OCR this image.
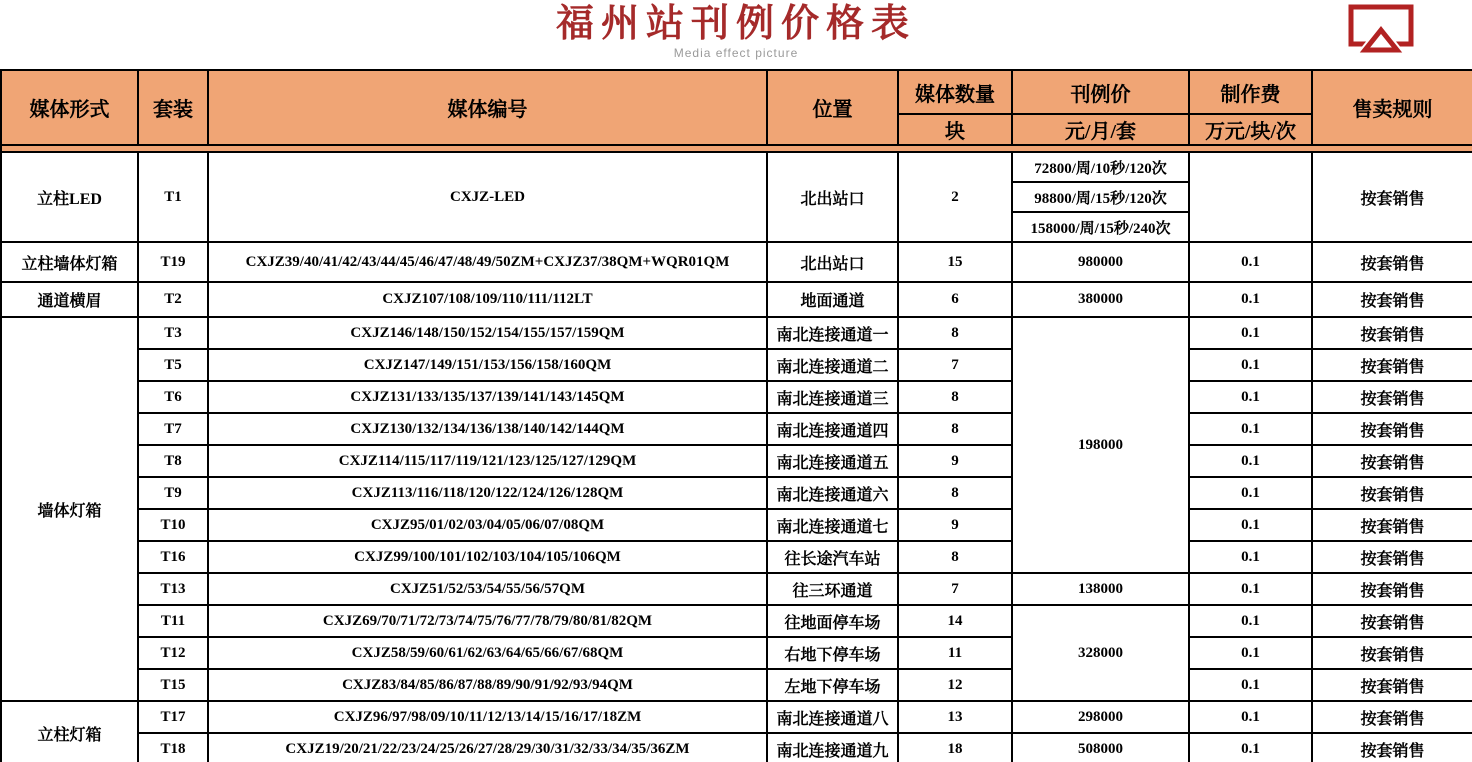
福州站刊例价格表
Media effect picture
媒体形式	套装	媒体编号	位置	媒体数量	刊例价	制作费	售卖规则
				块	元/月/套	万元/块/次	

立柱LED	T1	CXJZ-LED	北出站口	2	72800/周/10秒/120次		按套销售
					98800/周/15秒/120次		
					158000/周/15秒/240次		
立柱墙体灯箱	T19	CXJZ39/40/41/42/43/44/45/46/47/48/49/50ZM+CXJZ37/38QM+WQR01QM	北出站口	15	980000	0.1	按套销售
通道横眉	T2	CXJZ107/108/109/110/111/112LT	地面通道	6	380000	0.1	按套销售
墙体灯箱	T3	CXJZ146/148/150/152/154/155/157/159QM	南北连接通道一	8	198000	0.1	按套销售
	T5	CXJZ147/149/151/153/156/158/160QM	南北连接通道二	7		0.1	按套销售
	T6	CXJZ131/133/135/137/139/141/143/145QM	南北连接通道三	8		0.1	按套销售
	T7	CXJZ130/132/134/136/138/140/142/144QM	南北连接通道四	8		0.1	按套销售
	T8	CXJZ114/115/117/119/121/123/125/127/129QM	南北连接通道五	9		0.1	按套销售
	T9	CXJZ113/116/118/120/122/124/126/128QM	南北连接通道六	8		0.1	按套销售
	T10	CXJZ95/01/02/03/04/05/06/07/08QM	南北连接通道七	9		0.1	按套销售
	T16	CXJZ99/100/101/102/103/104/105/106QM	往长途汽车站	8		0.1	按套销售
	T13	CXJZ51/52/53/54/55/56/57QM	往三环通道	7	138000	0.1	按套销售
	T11	CXJZ69/70/71/72/73/74/75/76/77/78/79/80/81/82QM	往地面停车场	14	328000	0.1	按套销售
	T12	CXJZ58/59/60/61/62/63/64/65/66/67/68QM	右地下停车场	11		0.1	按套销售
	T15	CXJZ83/84/85/86/87/88/89/90/91/92/93/94QM	左地下停车场	12		0.1	按套销售
立柱灯箱	T17	CXJZ96/97/98/09/10/11/12/13/14/15/16/17/18ZM	南北连接通道八	13	298000	0.1	按套销售
	T18	CXJZ19/20/21/22/23/24/25/26/27/28/29/30/31/32/33/34/35/36ZM	南北连接通道九	18	508000	0.1	按套销售
